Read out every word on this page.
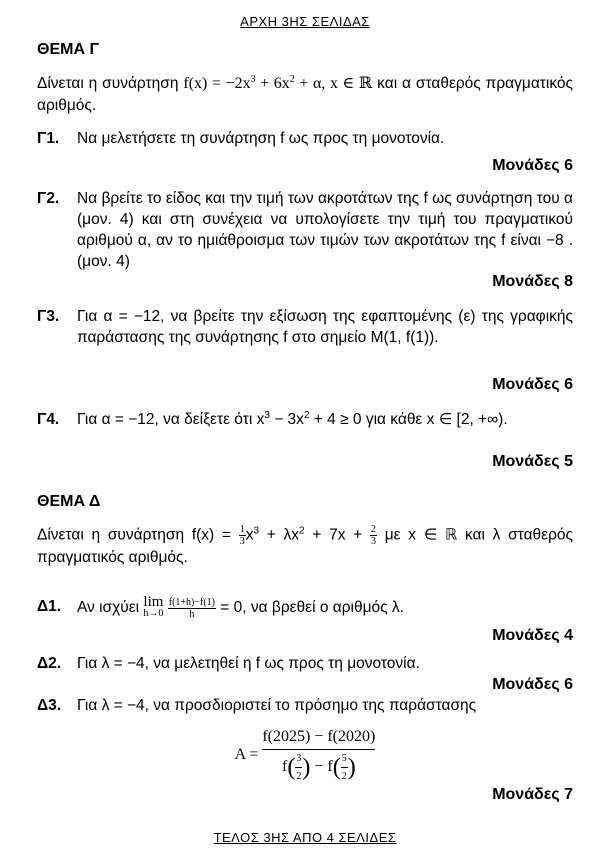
ΑΡΧΗ 3ΗΣ ΣΕΛΙΔΑΣ
ΘΕΜΑ Γ
Δίνεται η συνάρτηση $f(x) = -2x^3 + 6x^2 + \alpha$, x ∈ ℝ και α σταθερός πραγματικός αριθμός.
Γ1.	Να μελετήσετε τη συνάρτηση f ως προς τη μονοτονία.
Μονάδες 6
Γ2.	Να βρείτε το είδος και την τιμή των ακροτάτων της f ως συνάρτηση του α (μον. 4) και στη συνέχεια να υπολογίσετε την τιμή του πραγματικού αριθμού α, αν το ημιάθροισμα των τιμών των ακροτάτων της f είναι −8 . (μον. 4)
Μονάδες 8
Γ3.	Για α = −12, να βρείτε την εξίσωση της εφαπτομένης (ε) της γραφικής παράστασης της συνάρτησης f στο σημείο M(1, f(1)).
Μονάδες 6
Γ4.	Για α = −12, να δείξετε ότι $x^3 - 3x^2 + 4 \ge 0$ για κάθε x ∈ [2, +∞).
Μονάδες 5
ΘΕΜΑ Δ
Δίνεται η συνάρτηση $f(x) = \frac{1}{3} x^3 + \lambda x^2 + 7x + \frac{2}{3}$ με x ∈ ℝ και λ σταθερός πραγματικός αριθμός.
Δ1.	Αν ισχύει lim
h→0
$\frac{f(1+h)-f(1)}{h} = 0$, να βρεθεί ο αριθμός λ.
Μονάδες 4
Δ2.	Για λ = −4, να μελετηθεί η f ως προς τη μονοτονία.
Μονάδες 6
Δ3.	Για λ = −4, να προσδιοριστεί το πρόσημο της παράστασης
$A = \frac{f(2025) - f(2020)}{f( \frac{3}{2} ) - f( \frac{5}{2} )}$
Μονάδες 7
ΤΕΛΟΣ 3ΗΣ ΑΠΟ 4 ΣΕΛΙΔΕΣ
